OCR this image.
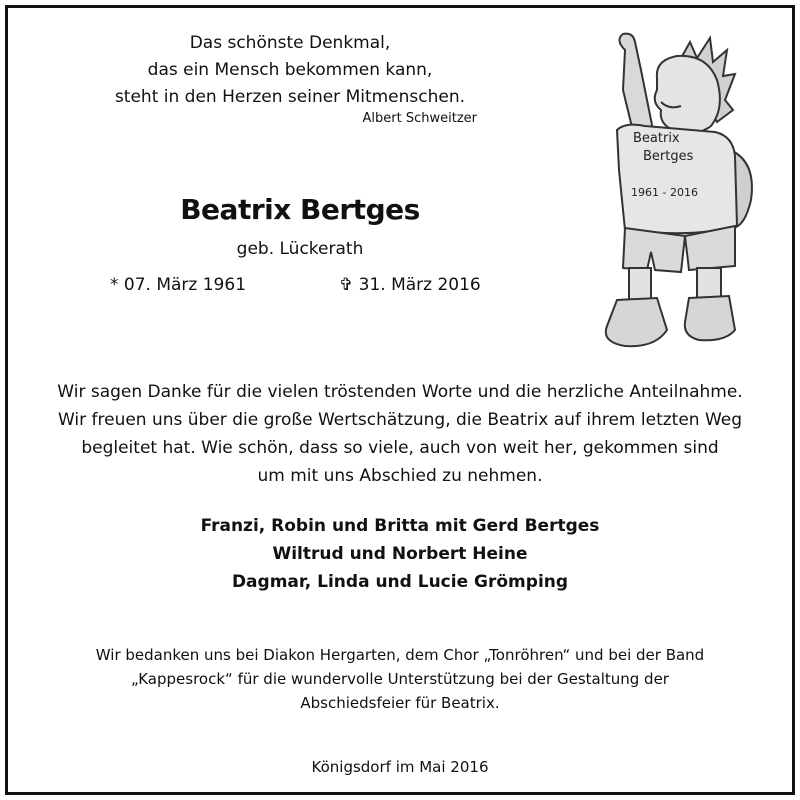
Das schönste Denkmal,
das ein Mensch bekommen kann,
steht in den Herzen seiner Mitmenschen.
Albert Schweitzer
Beatrix Bertges
geb. Lückerath
* 07. März 1961	✞ 31. März 2016
Beatrix
Bertges
1961 - 2016
Wir sagen Danke für die vielen tröstenden Worte und die herzliche Anteilnahme.
Wir freuen uns über die große Wertschätzung, die Beatrix auf ihrem letzten Weg
begleitet hat. Wie schön, dass so viele, auch von weit her, gekommen sind
um mit uns Abschied zu nehmen.
Franzi, Robin und Britta mit Gerd Bertges
Wiltrud und Norbert Heine
Dagmar, Linda und Lucie Grömping
Wir bedanken uns bei Diakon Hergarten, dem Chor „Tonröhren“ und bei der Band
„Kappesrock“ für die wundervolle Unterstützung bei der Gestaltung der
Abschiedsfeier für Beatrix.
Königsdorf im Mai 2016
